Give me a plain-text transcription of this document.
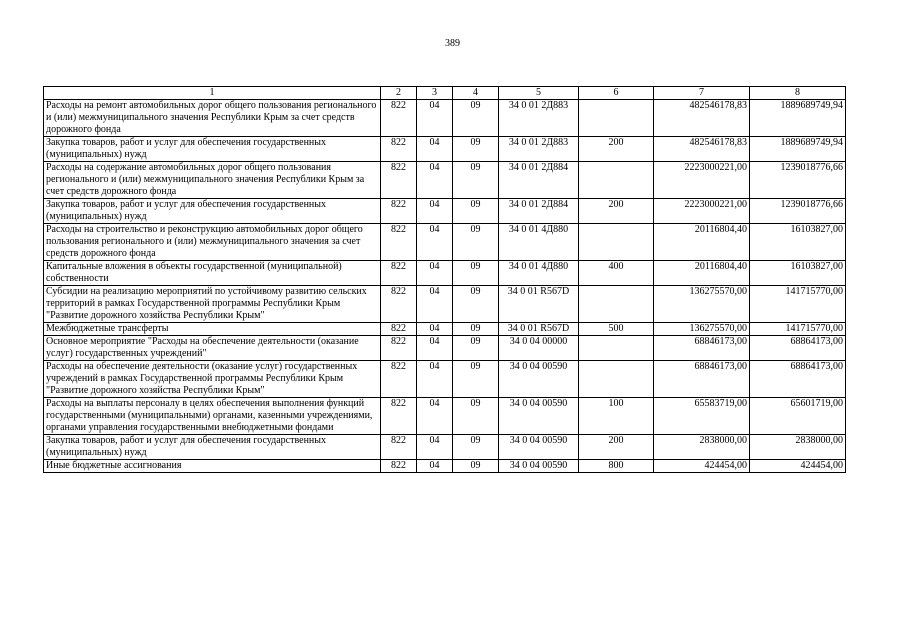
389
1	2	3	4	5	6	7	8
Расходы на ремонт автомобильных дорог общего пользования регионального и (или) межмуниципального значения Республики Крым за счет средств дорожного фонда	822	04	09	34 0 01 2Д883		482546178,83	1889689749,94
Закупка товаров, работ и услуг для обеспечения государственных (муниципальных) нужд	822	04	09	34 0 01 2Д883	200	482546178,83	1889689749,94
Расходы на содержание автомобильных дорог общего пользования регионального и (или) межмуниципального значения Республики Крым за счет средств дорожного фонда	822	04	09	34 0 01 2Д884		2223000221,00	1239018776,66
Закупка товаров, работ и услуг для обеспечения государственных (муниципальных) нужд	822	04	09	34 0 01 2Д884	200	2223000221,00	1239018776,66
Расходы на строительство и реконструкцию автомобильных дорог общего пользования регионального и (или) межмуниципального значения за счет средств дорожного фонда	822	04	09	34 0 01 4Д880		20116804,40	16103827,00
Капитальные вложения в объекты государственной (муниципальной) собственности	822	04	09	34 0 01 4Д880	400	20116804,40	16103827,00
Субсидии на реализацию мероприятий по устойчивому развитию сельских территорий в рамках Государственной программы Республики Крым "Развитие дорожного хозяйства Республики Крым"	822	04	09	34 0 01 R567D		136275570,00	141715770,00
Межбюджетные трансферты	822	04	09	34 0 01 R567D	500	136275570,00	141715770,00
Основное мероприятие "Расходы на обеспечение деятельности (оказание услуг) государственных учреждений"	822	04	09	34 0 04 00000		68846173,00	68864173,00
Расходы на обеспечение деятельности (оказание услуг) государственных учреждений в рамках Государственной программы Республики Крым "Развитие дорожного хозяйства Республики Крым"	822	04	09	34 0 04 00590		68846173,00	68864173,00
Расходы на выплаты персоналу в целях обеспечения выполнения функций государственными (муниципальными) органами, казенными учреждениями, органами управления государственными внебюджетными фондами	822	04	09	34 0 04 00590	100	65583719,00	65601719,00
Закупка товаров, работ и услуг для обеспечения государственных (муниципальных) нужд	822	04	09	34 0 04 00590	200	2838000,00	2838000,00
Иные бюджетные ассигнования	822	04	09	34 0 04 00590	800	424454,00	424454,00
